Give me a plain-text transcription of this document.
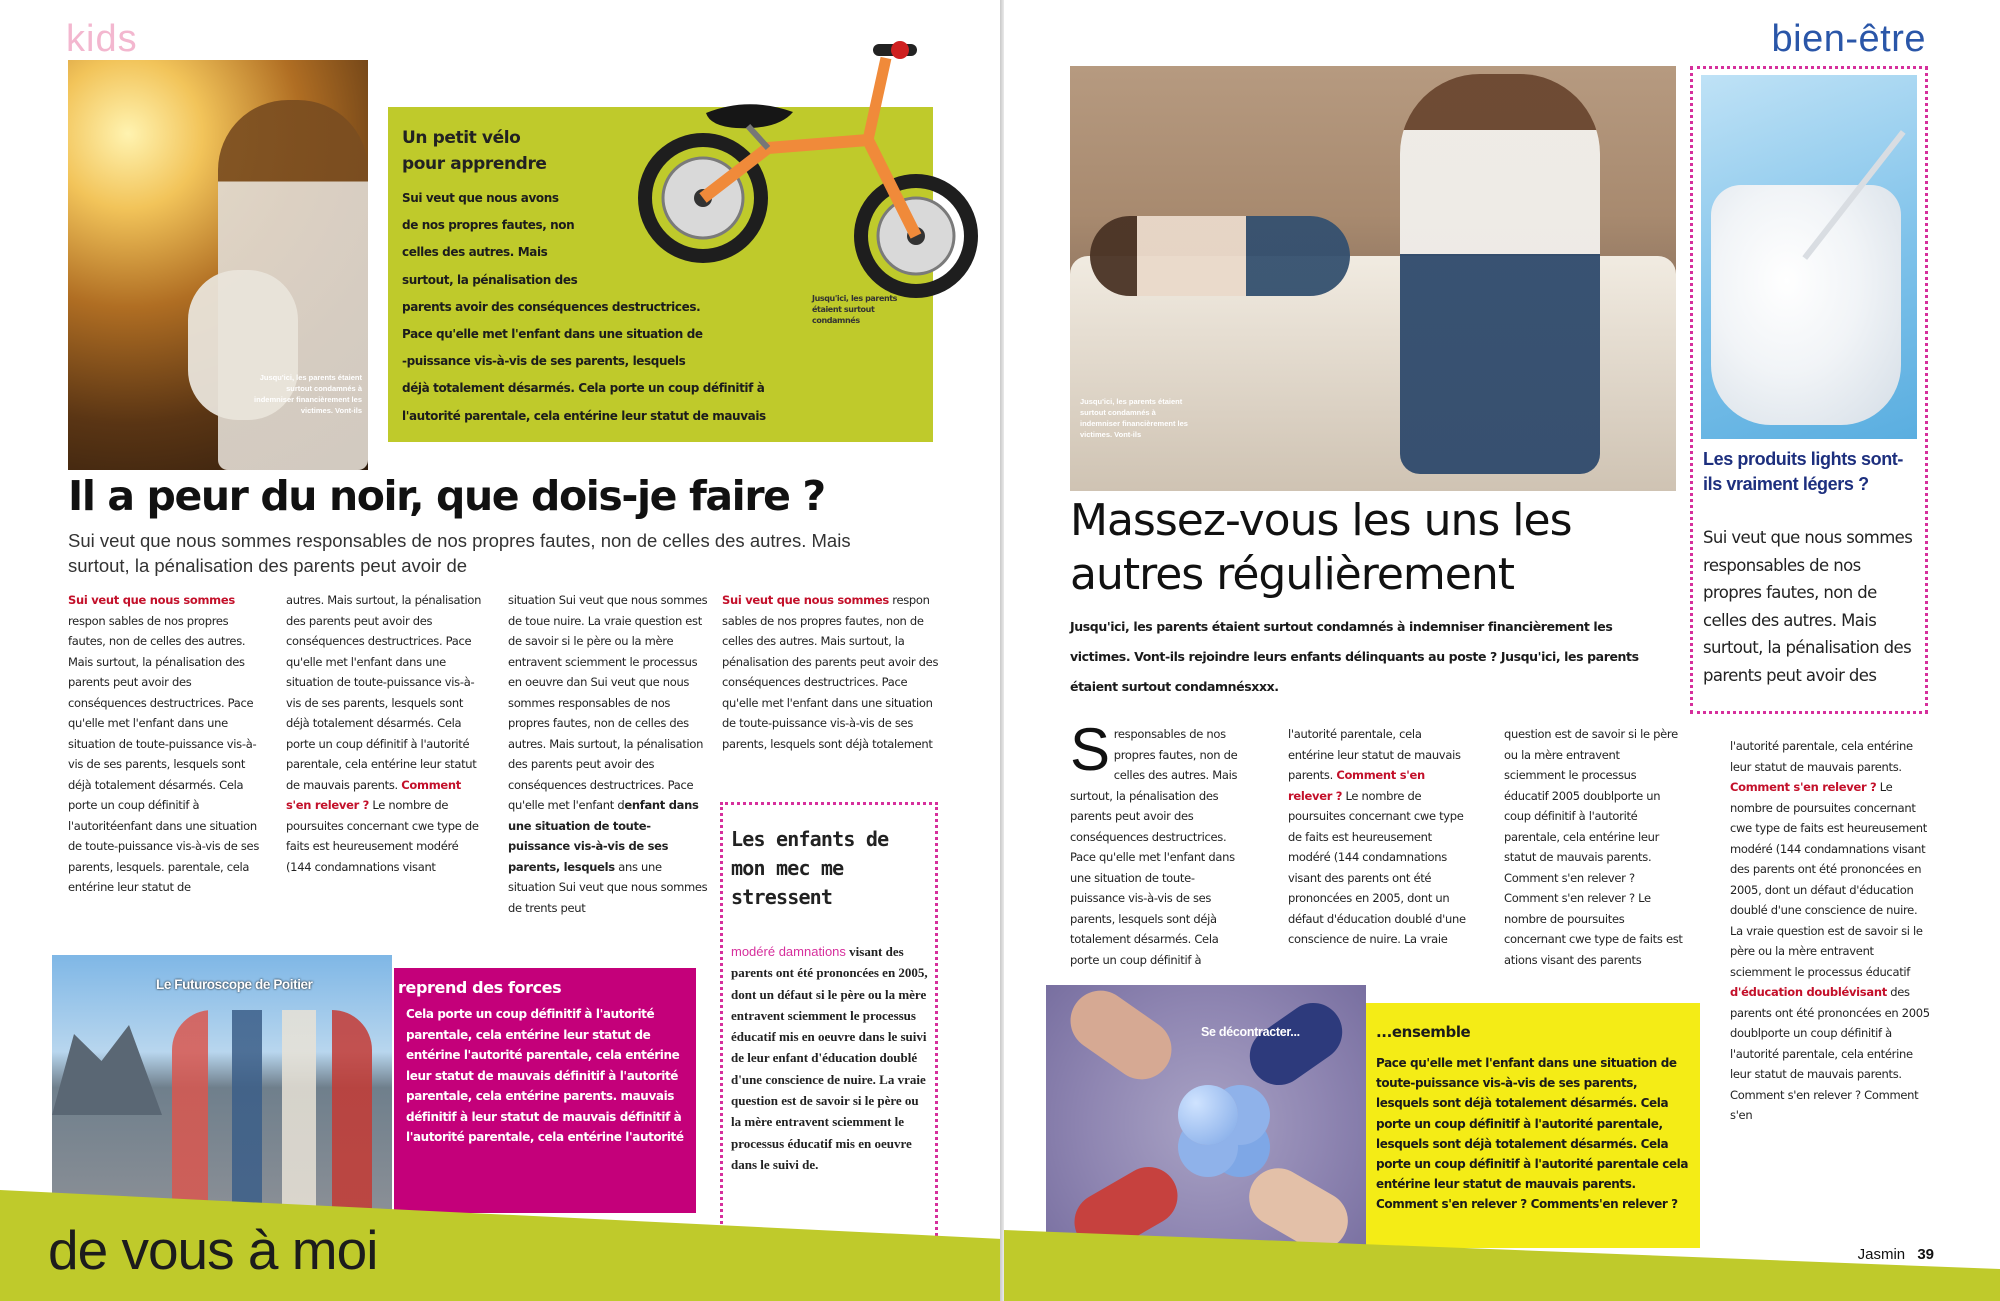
kids
Jusqu'ici, les parents étaient surtout condamnés à indemniser financièrement les victimes. Vont-ils
Un petit vélo
pour apprendre
Sui veut que nous avons
de nos propres fautes, non
celles des autres. Mais
surtout, la pénalisation des
parents avoir des conséquences destructrices.
Pace qu'elle met l'enfant dans une situation de
-puissance vis-à-vis de ses parents, lesquels
déjà totalement désarmés. Cela porte un coup définitif à
l'autorité parentale, cela entérine leur statut de mauvais
Jusqu'ici, les parents étaient surtout condamnés
Il a peur du noir, que dois-je faire ?
Sui veut que nous sommes responsables de nos propres fautes, non de celles des autres. Mais surtout, la pénalisation des parents peut avoir de
Sui veut que nous sommes respon sables de nos propres fautes, non de celles des autres. Mais surtout, la pénalisation des parents peut avoir des conséquences destructrices. Pace qu'elle met l'enfant dans une situation de toute-puissance vis-à-vis de ses parents, lesquels sont déjà totalement désarmés. Cela porte un coup définitif à l'autoritéenfant dans une situation de toute-puissance vis-à-vis de ses parents, lesquels. parentale, cela entérine leur statut de
autres. Mais surtout, la pénalisation des parents peut avoir des conséquences destructrices. Pace qu'elle met l'enfant dans une situation de toute-puissance vis-à-vis de ses parents, lesquels sont déjà totalement désarmés. Cela porte un coup définitif à l'autorité parentale, cela entérine leur statut de mauvais parents. Comment s'en relever ? Le nombre de poursuites concernant cwe type de faits est heureusement modéré (144 condamnations visant
situation Sui veut que nous sommes de toue nuire. La vraie question est de savoir si le père ou la mère entravent sciemment le processus en oeuvre dan Sui veut que nous sommes responsables de nos propres fautes, non de celles des autres. Mais surtout, la pénalisation des parents peut avoir des conséquences destructrices. Pace qu'elle met l'enfant denfant dans une situation de toute-puissance vis-à-vis de ses parents, lesquels ans une situation Sui veut que nous sommes de trents peut
Sui veut que nous sommes respon sables de nos propres fautes, non de celles des autres. Mais surtout, la pénalisation des parents peut avoir des conséquences destructrices. Pace qu'elle met l'enfant dans une situation de toute-puissance vis-à-vis de ses parents, lesquels sont déjà totalement
Les enfants de mon mec me stressent
modéré damnations visant des parents ont été prononcées en 2005, dont un défaut si le père ou la mère entravent sciemment le processus éducatif mis en oeuvre dans le suivi de leur enfant d'éducation doublé d'une conscience de nuire. La vraie question est de savoir si le père ou la mère entravent sciemment le processus éducatif mis en oeuvre dans le suivi de.
Le Futuroscope de Poitier	reprend des forces
Cela porte un coup définitif à l'autorité parentale, cela entérine leur statut de entérine l'autorité parentale, cela entérine leur statut de mauvais définitif à l'autorité parentale, cela entérine parents. mauvais définitif à leur statut de mauvais définitif à l'autorité parentale, cela entérine l'autorité
de vous à moi
bien-être
Jusqu'ici, les parents étaient surtout condamnés à indemniser financièrement les victimes. Vont-ils
Les produits lights sont-ils vraiment légers ?
Sui veut que nous sommes responsables de nos propres fautes, non de celles des autres. Mais surtout, la pénalisation des parents peut avoir des
Massez-vous les uns les
autres régulièrement
Jusqu'ici, les parents étaient surtout condamnés à indemniser financièrement les victimes. Vont-ils rejoindre leurs enfants délinquants au poste ? Jusqu'ici, les parents étaient surtout condamnésxxx.
Sresponsables de nos propres fautes, non de celles des autres. Mais surtout, la pénalisation des parents peut avoir des conséquences destructrices. Pace qu'elle met l'enfant dans une situation de toute-puissance vis-à-vis de ses parents, lesquels sont déjà totalement désarmés. Cela porte un coup définitif à
l'autorité parentale, cela entérine leur statut de mauvais parents. Comment s'en relever ? Le nombre de poursuites concernant cwe type de faits est heureusement modéré (144 condamnations visant des parents ont été prononcées en 2005, dont un défaut d'éducation doublé d'une conscience de nuire. La vraie
question est de savoir si le père ou la mère entravent sciemment le processus éducatif 2005 doublporte un coup définitif à l'autorité parentale, cela entérine leur statut de mauvais parents. Comment s'en relever ? Comment s'en relever ? Le nombre de poursuites concernant cwe type de faits est ations visant des parents
l'autorité parentale, cela entérine leur statut de mauvais parents. Comment s'en relever ? Le nombre de poursuites concernant cwe type de faits est heureusement modéré (144 condamnations visant des parents ont été prononcées en 2005, dont un défaut d'éducation doublé d'une conscience de nuire. La vraie question est de savoir si le père ou la mère entravent sciemment le processus éducatif d'éducation doublévisant des parents ont été prononcées en 2005 doublporte un coup définitif à l'autorité parentale, cela entérine leur statut de mauvais parents. Comment s'en relever ? Comment s'en
Se décontracter...	...ensemble
Pace qu'elle met l'enfant dans une situation de toute-puissance vis-à-vis de ses parents, lesquels sont déjà totalement désarmés. Cela porte un coup définitif à l'autorité parentale, lesquels sont déjà totalement désarmés. Cela porte un coup définitif à l'autorité parentale cela entérine leur statut de mauvais parents. Comment s'en relever ? Comments'en relever ?
Jasmin 39
